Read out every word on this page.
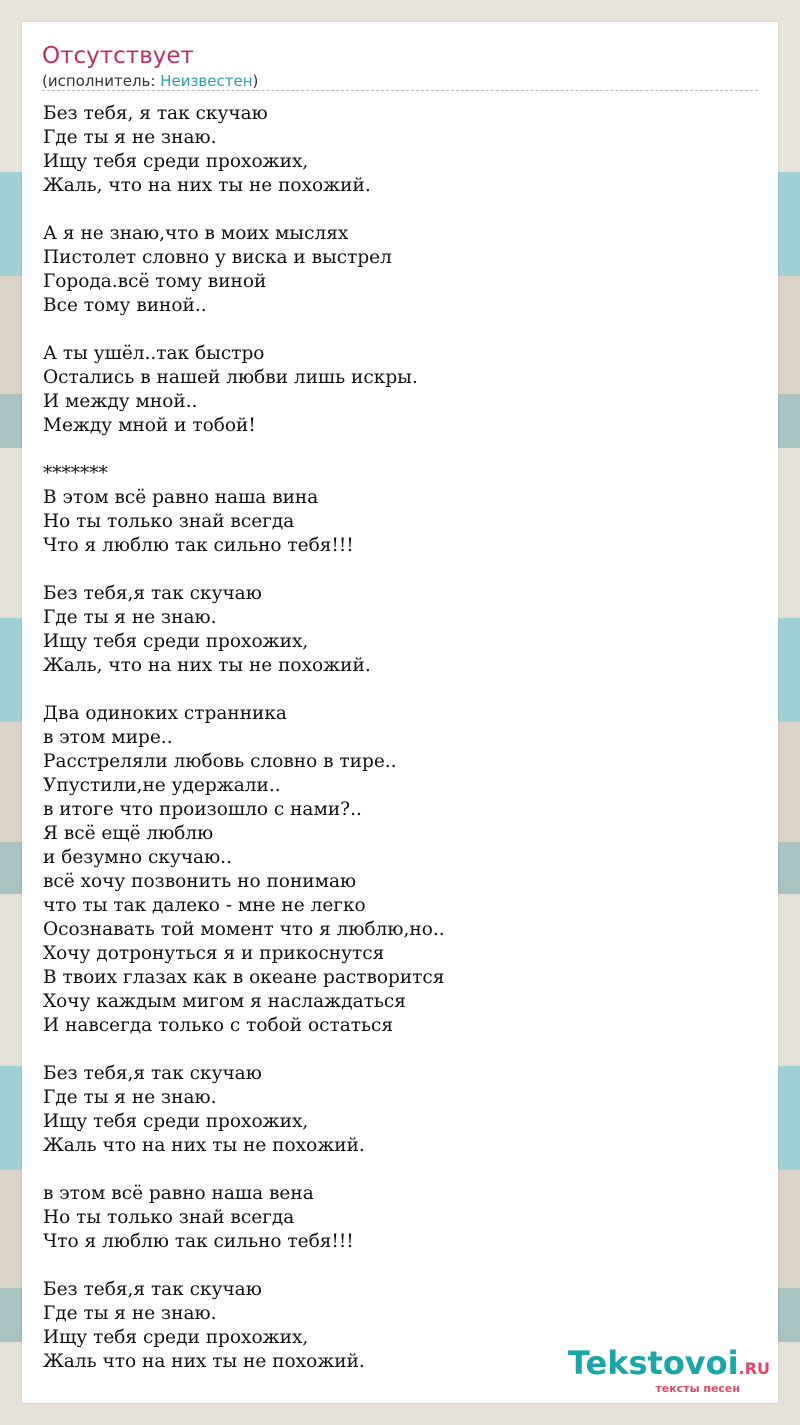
Отсутствует
(исполнитель: Неизвестен)
Без тебя, я так скучаю
Где ты я не знаю.
Ищу тебя среди прохожих,
Жаль, что на них ты не похожий.
А я не знаю,что в моих мыслях
Пистолет словно у виска и выстрел
Города.всё тому виной
Все тому виной..
А ты ушёл..так быстро
Остались в нашей любви лишь искры.
И между мной..
Между мной и тобой!
*******
В этом всё равно наша вина
Но ты только знай всегда
Что я люблю так сильно тебя!!!
Без тебя,я так скучаю
Где ты я не знаю.
Ищу тебя среди прохожих,
Жаль, что на них ты не похожий.
Два одиноких странника
в этом мире..
Расстреляли любовь словно в тире..
Упустили,не удержали..
в итоге что произошло с нами?..
Я всё ещё люблю
и безумно скучаю..
всё хочу позвонить но понимаю
что ты так далеко - мне не легко
Осознавать той момент что я люблю,но..
Хочу дотронуться я и прикоснутся
В твоих глазах как в океане растворится
Хочу каждым мигом я наслаждаться
И навсегда только с тобой остаться
Без тебя,я так скучаю
Где ты я не знаю.
Ищу тебя среди прохожих,
Жаль что на них ты не похожий.
в этом всё равно наша вена
Но ты только знай всегда
Что я люблю так сильно тебя!!!
Без тебя,я так скучаю
Где ты я не знаю.
Ищу тебя среди прохожих,
Жаль что на них ты не похожий.	Tekstovoi.RU
тексты песен
